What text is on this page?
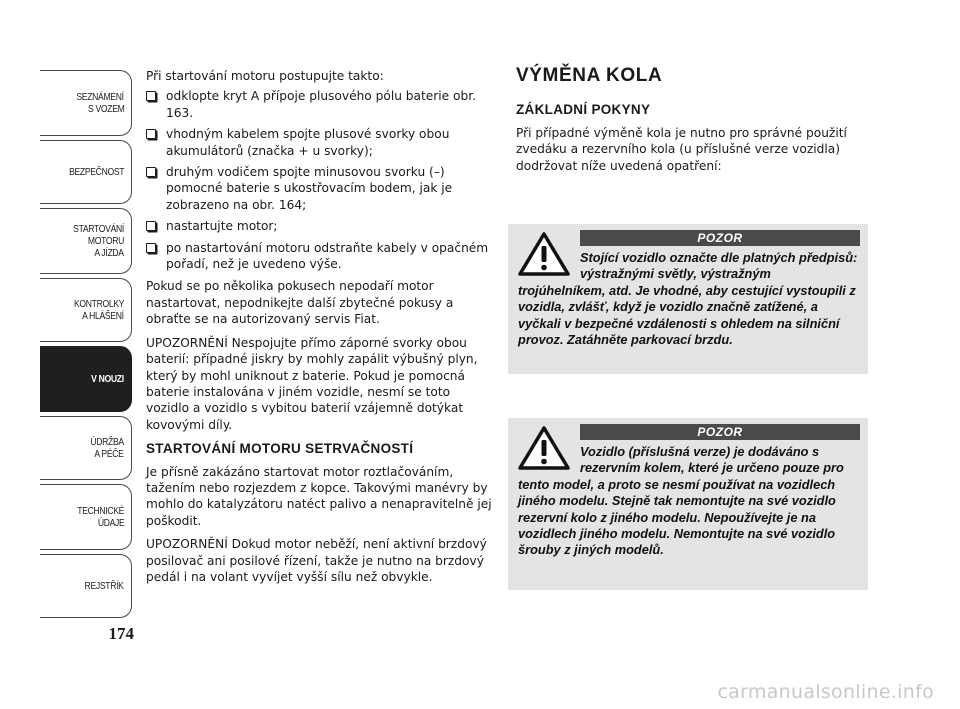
SEZNÁMENÍ
S VOZEM
BEZPEČNOST
STARTOVÁNÍ
MOTORU
A JÍZDA
KONTROLKY
A HLÁŠENÍ
V NOUZI
ÚDRŽBA
A PÉČE
TECHNICKÉ
ÚDAJE
REJSTŘÍK
174

Při startování motoru postupujte takto:

odklopte kryt A přípoje plusového pólu baterie obr. 163.
vhodným kabelem spojte plusové svorky obou akumulátorů (značka + u svorky);
druhým vodičem spojte minusovou svorku (–) pomocné baterie s ukostřovacím bodem, jak je zobrazeno na obr. 164;
nastartujte motor;
po nastartování motoru odstraňte kabely v opačném pořadí, než je uvedeno výše.

Pokud se po několika pokusech nepodaří motor nastartovat, nepodnikejte další zbytečné pokusy a obraťte se na autorizovaný servis Fiat.

UPOZORNĚNÍ Nespojujte přímo záporné svorky obou baterií: případné jiskry by mohly zapálit výbušný plyn, který by mohl uniknout z baterie. Pokud je pomocná baterie instalována v jiném vozidle, nesmí se toto vozidlo a vozidlo s vybitou baterií vzájemně dotýkat kovovými díly.

STARTOVÁNÍ MOTORU SETRVAČNOSTÍ

Je přísně zakázáno startovat motor roztlačováním, tažením nebo rozjezdem z kopce. Takovými manévry by mohlo do katalyzátoru natéct palivo a nenapravitelně jej poškodit.

UPOZORNĚNÍ Dokud motor neběží, není aktivní brzdový posilovač ani posilové řízení, takže je nutno na brzdový pedál i na volant vyvíjet vyšší sílu než obvykle.

VÝMĚNA KOLA
ZÁKLADNÍ POKYNY

Při případné výměně kola je nutno pro správné použití zvedáku a rezervního kola (u příslušné verze vozidla) dodržovat níže uvedená opatření:

POZOR
Stojící vozidlo označte dle platných předpisů: výstražnými světly, výstražným trojúhelníkem, atd. Je vhodné, aby cestující vystoupili z vozidla, zvlášť, když je vozidlo značně zatížené, a vyčkali v bezpečné vzdálenosti s ohledem na silniční provoz. Zatáhněte parkovací brzdu.
POZOR
Vozidlo (příslušná verze) je dodáváno s rezervním kolem, které je určeno pouze pro tento model, a proto se nesmí používat na vozidlech jiného modelu. Stejně tak nemontujte na své vozidlo rezervní kolo z jiného modelu. Nepoužívejte je na vozidlech jiného modelu. Nemontujte na své vozidlo šrouby z jiných modelů.
carmanualsonline.info
